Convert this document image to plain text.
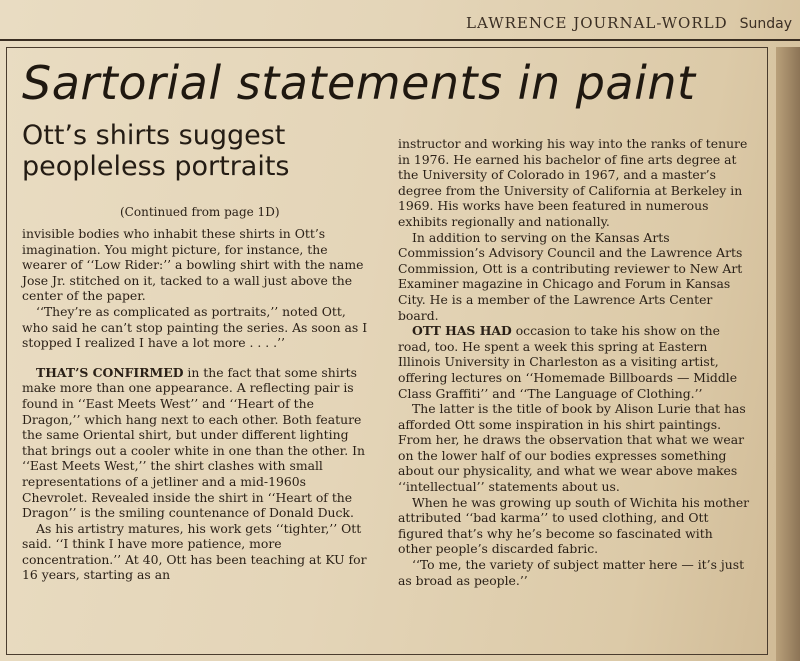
LAWRENCE JOURNAL-WORLD Sunday
Sartorial statements in paint
Ott’s shirts suggest peopleless portraits
(Continued from page 1D)

invisible bodies who inhabit these shirts in Ott’s imagination. You might picture, for instance, the wearer of ‘‘Low Rider:’’ a bowling shirt with the name Jose Jr. stitched on it, tacked to a wall just above the center of the paper.

‘‘They’re as complicated as portraits,’’ noted Ott, who said he can’t stop painting the series. As soon as I stopped I realized I have a lot more . . . .’’

THAT’S CONFIRMED in the fact that some shirts make more than one appearance. A reflecting pair is found in ‘‘East Meets West’’ and ‘‘Heart of the Dragon,’’ which hang next to each other. Both feature the same Oriental shirt, but under different lighting that brings out a cooler white in one than the other. In ‘‘East Meets West,’’ the shirt clashes with small representations of a jetliner and a mid-1960s Chevrolet. Revealed inside the shirt in ‘‘Heart of the Dragon’’ is the smiling countenance of Donald Duck.

As his artistry matures, his work gets ‘‘tighter,’’ Ott said. ‘‘I think I have more patience, more concentration.’’ At 40, Ott has been teaching at KU for 16 years, starting as an

instructor and working his way into the ranks of tenure in 1976. He earned his bachelor of fine arts degree at the University of Colorado in 1967, and a master’s degree from the University of California at Berkeley in 1969. His works have been featured in numerous exhibits regionally and nationally.

In addition to serving on the Kansas Arts Commission’s Advisory Council and the Lawrence Arts Commission, Ott is a contributing reviewer to New Art Examiner magazine in Chicago and Forum in Kansas City. He is a member of the Lawrence Arts Center board.

OTT HAS HAD occasion to take his show on the road, too. He spent a week this spring at Eastern Illinois University in Charleston as a visiting artist, offering lectures on ‘‘Homemade Billboards — Middle Class Graffiti’’ and ‘‘The Language of Clothing.’’

The latter is the title of book by Alison Lurie that has afforded Ott some inspiration in his shirt paintings. From her, he draws the observation that what we wear on the lower half of our bodies expresses something about our physicality, and what we wear above makes ‘‘intellectual’’ statements about us.

When he was growing up south of Wichita his mother attributed ‘‘bad karma’’ to used clothing, and Ott figured that’s why he’s become so fascinated with other people’s discarded fabric.

‘‘To me, the variety of subject matter here — it’s just as broad as people.’’
